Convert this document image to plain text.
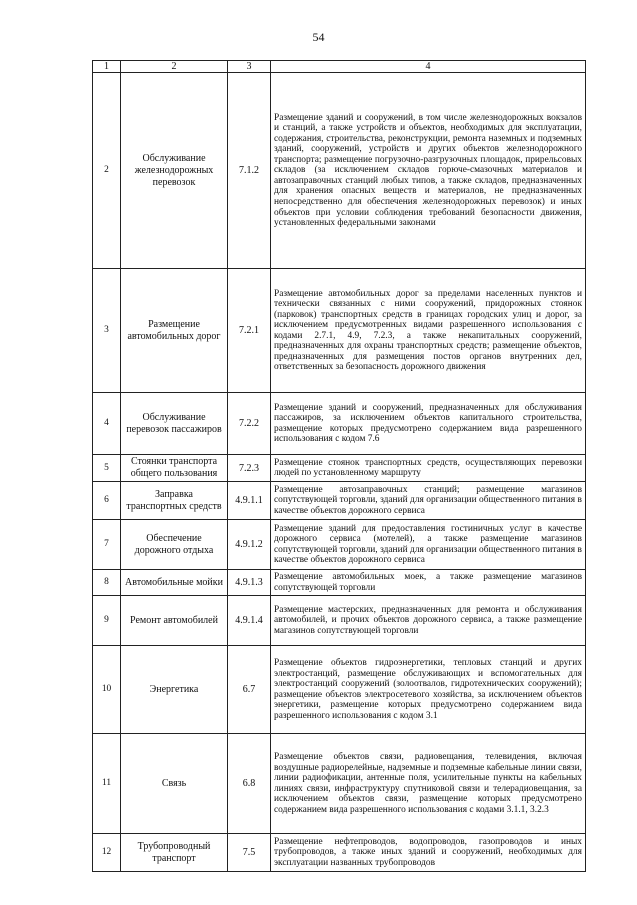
54
1	2	3	4
2	Обслуживание железнодорожных перевозок	7.1.2	Размещение зданий и сооружений, в том числе железнодорожных вокзалов и станций, а также устройств и объектов, необходимых для эксплуатации, содержания, строительства, реконструкции, ремонта наземных и подземных зданий, сооружений, устройств и других объектов железнодорожного транспорта; размещение погрузочно-разгрузочных площадок, прирельсовых складов (за исключением складов горюче-смазочных материалов и автозаправочных станций любых типов, а также складов, предназначенных для хранения опасных веществ и материалов, не предназначенных непосредственно для обеспечения железнодорожных перевозок) и иных объектов при условии соблюдения требований безопасности движения, установленных федеральными законами
3	Размещение автомобильных дорог	7.2.1	Размещение автомобильных дорог за пределами населенных пунктов и технически связанных с ними сооружений, придорожных стоянок (парковок) транспортных средств в границах городских улиц и дорог, за исключением предусмотренных видами разрешенного использования с кодами 2.7.1, 4.9, 7.2.3, а также некапитальных сооружений, предназначенных для охраны транспортных средств; размещение объектов, предназначенных для размещения постов органов внутренних дел, ответственных за безопасность дорожного движения
4	Обслуживание перевозок пассажиров	7.2.2	Размещение зданий и сооружений, предназначенных для обслуживания пассажиров, за исключением объектов капитального строительства, размещение которых предусмотрено содержанием вида разрешенного использования с кодом 7.6
5	Стоянки транспорта общего пользования	7.2.3	Размещение стоянок транспортных средств, осуществляющих перевозки людей по установленному маршруту
6	Заправка транспортных средств	4.9.1.1	Размещение автозаправочных станций; размещение магазинов сопутствующей торговли, зданий для организации общественного питания в качестве объектов дорожного сервиса
7	Обеспечение дорожного отдыха	4.9.1.2	Размещение зданий для предоставления гостиничных услуг в качестве дорожного сервиса (мотелей), а также размещение магазинов сопутствующей торговли, зданий для организации общественного питания в качестве объектов дорожного сервиса
8	Автомобильные мойки	4.9.1.3	Размещение автомобильных моек, а также размещение магазинов сопутствующей торговли
9	Ремонт автомобилей	4.9.1.4	Размещение мастерских, предназначенных для ремонта и обслуживания автомобилей, и прочих объектов дорожного сервиса, а также размещение магазинов сопутствующей торговли
10	Энергетика	6.7	Размещение объектов гидроэнергетики, тепловых станций и других электростанций, размещение обслуживающих и вспомогательных для электростанций сооружений (золоотвалов, гидротехнических сооружений); размещение объектов электросетевого хозяйства, за исключением объектов энергетики, размещение которых предусмотрено содержанием вида разрешенного использования с кодом 3.1
11	Связь	6.8	Размещение объектов связи, радиовещания, телевидения, включая воздушные радиорелейные, надземные и подземные кабельные линии связи, линии радиофикации, антенные поля, усилительные пункты на кабельных линиях связи, инфраструктуру спутниковой связи и телерадиовещания, за исключением объектов связи, размещение которых предусмотрено содержанием вида разрешенного использования с кодами 3.1.1, 3.2.3
12	Трубопроводный транспорт	7.5	Размещение нефтепроводов, водопроводов, газопроводов и иных трубопроводов, а также иных зданий и сооружений, необходимых для эксплуатации названных трубопроводов
